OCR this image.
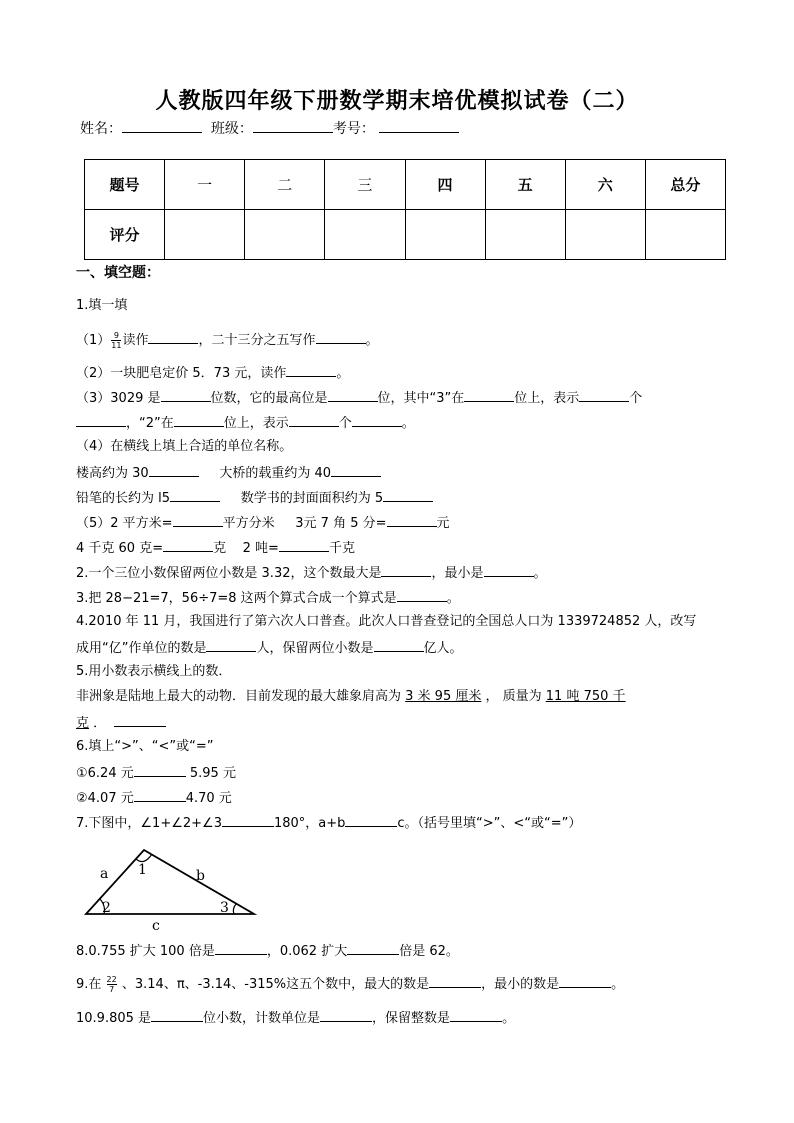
人教版四年级下册数学期末培优模拟试卷（二）
姓名：	班级：	考号：
题号	一	二	三	四	五	六	总分
评分							
一、填空题：
1.填一填
$(1) \frac{9}{11}$ 读作	，二十三分之五写作	。
（2）一块肥皂定价 5．73 元，读作	。
（3）3029 是	位数，它的最高位是	位，其中“3”在	位上，表示	个
，“2”在	位上，表示	个	。
（4）在横线上填上合适的单位名称。
楼高约为 30	大桥的载重约为 40
铅笔的长约为 l5	数学书的封面面积约为 5
（5）2 平方米=	平方分米 3元 7 角 5 分=	元
4 千克 60 克=	克 2 吨=	千克
2.一个三位小数保留两位小数是 3.32，这个数最大是	，最小是	。
3.把 28−21=7，56÷7=8 这两个算式合成一个算式是	。
4.2010 年 11 月，我国进行了第六次人口普查。此次人口普查登记的全国总人口为 1339724852 人，改写
成用“亿”作单位的数是	人，保留两位小数是	亿人。
5.用小数表示横线上的数．
非洲象是陆地上最大的动物．目前发现的最大雄象肩高为 3 米 95 厘米 ， 质量为 11 吨 750 千
克 ．
6.填上“>”、“<”或“=”
①6.24 元	5.95 元
②4.07 元	4.70 元
7.下图中，∠1+∠2+∠3	180°，a+b	c。（括号里填“>”、<“或“=”）
a	b
c
1
2	3
8.0.755 扩大 100 倍是	，0.062 扩大	倍是 62。
9.在 $\frac{22}{7}$ 、3.14、π、-3.14、-315%这五个数中，最大的数是	，最小的数是	。
10.9.805 是	位小数，计数单位是	，保留整数是	。
